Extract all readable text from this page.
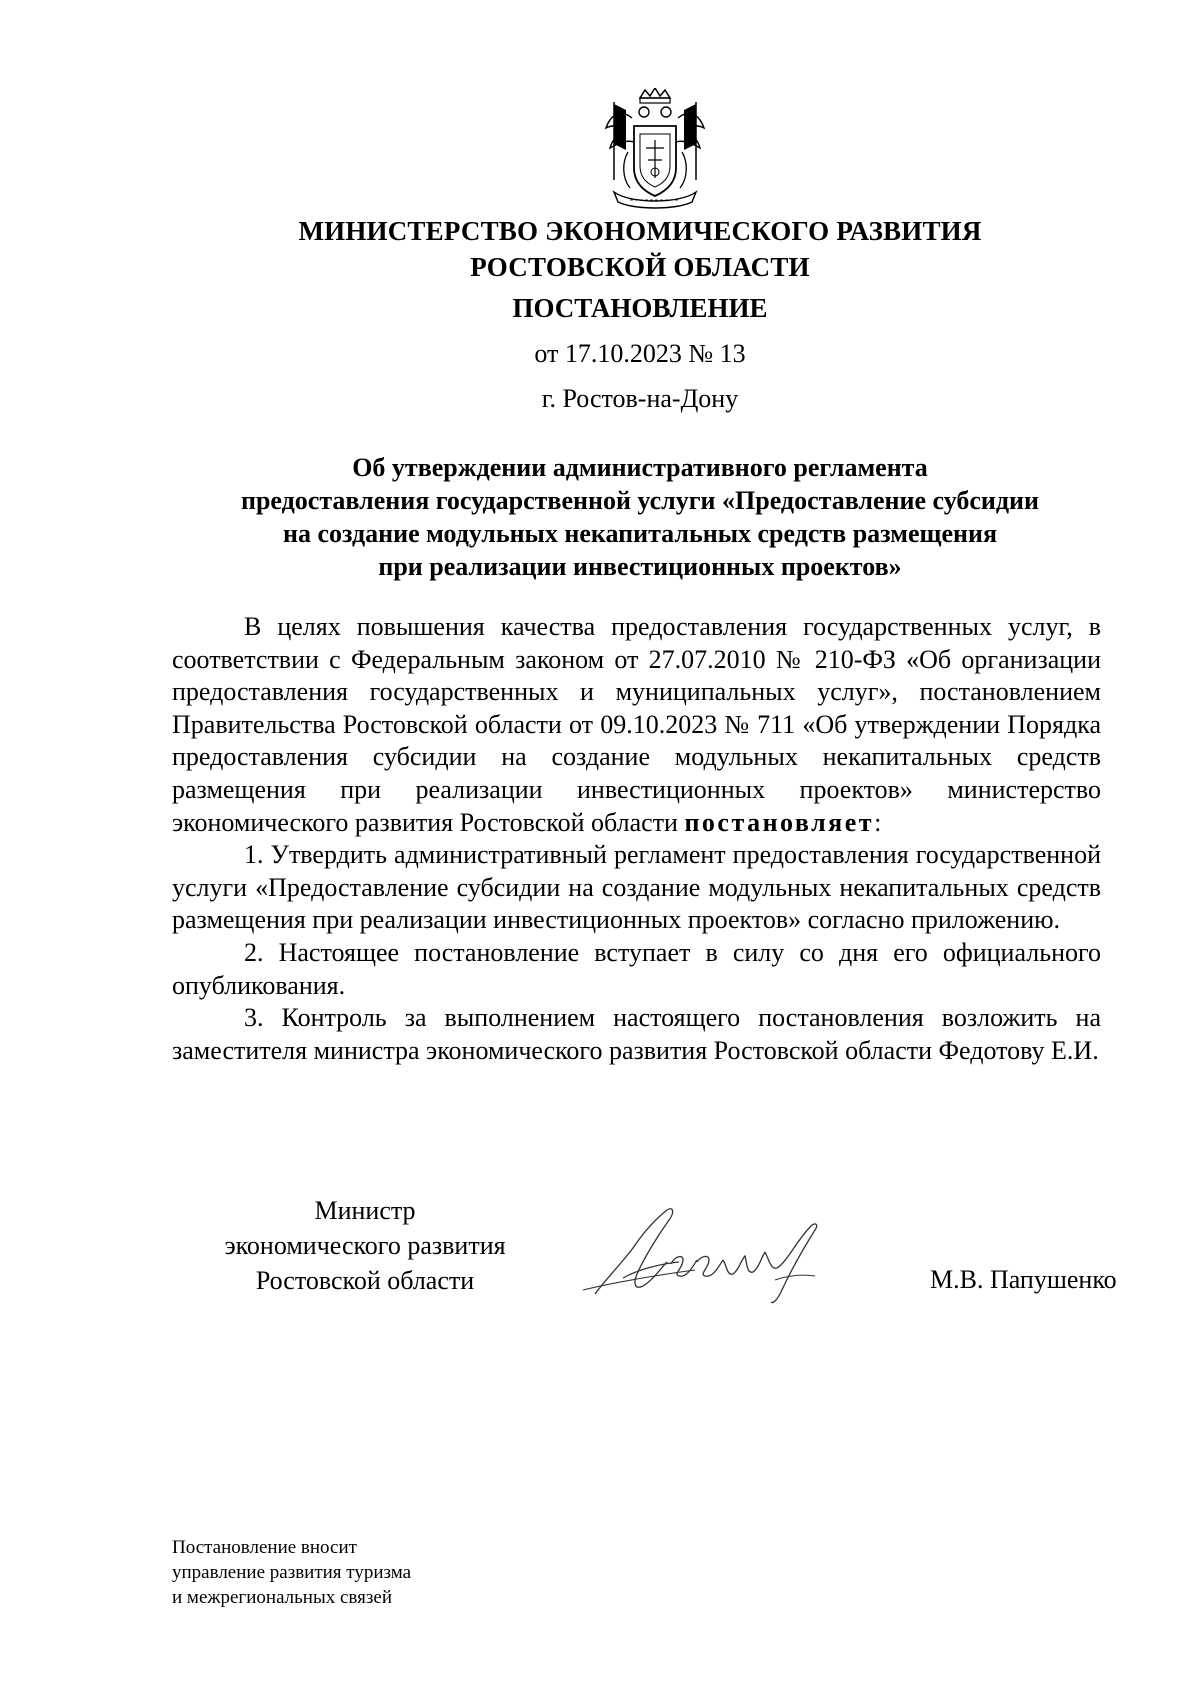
МИНИСТЕРСТВО ЭКОНОМИЧЕСКОГО РАЗВИТИЯ
РОСТОВСКОЙ ОБЛАСТИ
ПОСТАНОВЛЕНИЕ
от 17.10.2023 № 13
г. Ростов-на-Дону
Об утверждении административного регламента
предоставления государственной услуги «Предоставление субсидии
на создание модульных некапитальных средств размещения
при реализации инвестиционных проектов»

В целях повышения качества предоставления государственных услуг, в соответствии с Федеральным законом от 27.07.2010 № 210-ФЗ «Об организации предоставления государственных и муниципальных услуг», постановлением Правительства Ростовской области от 09.10.2023 № 711 «Об утверждении Порядка предоставления субсидии на создание модульных некапитальных средств размещения при реализации инвестиционных проектов» министерство экономического развития Ростовской области постановляет:

1. Утвердить административный регламент предоставления государственной услуги «Предоставление субсидии на создание модульных некапитальных средств размещения при реализации инвестиционных проектов» согласно приложению.

2. Настоящее постановление вступает в силу со дня его официального опубликования.

3. Контроль за выполнением настоящего постановления возложить на заместителя министра экономического развития Ростовской области Федотову Е.И.

Министр
экономического развития
Ростовской области	М.В. Папушенко
Постановление вносит
управление развития туризма
и межрегиональных связей
